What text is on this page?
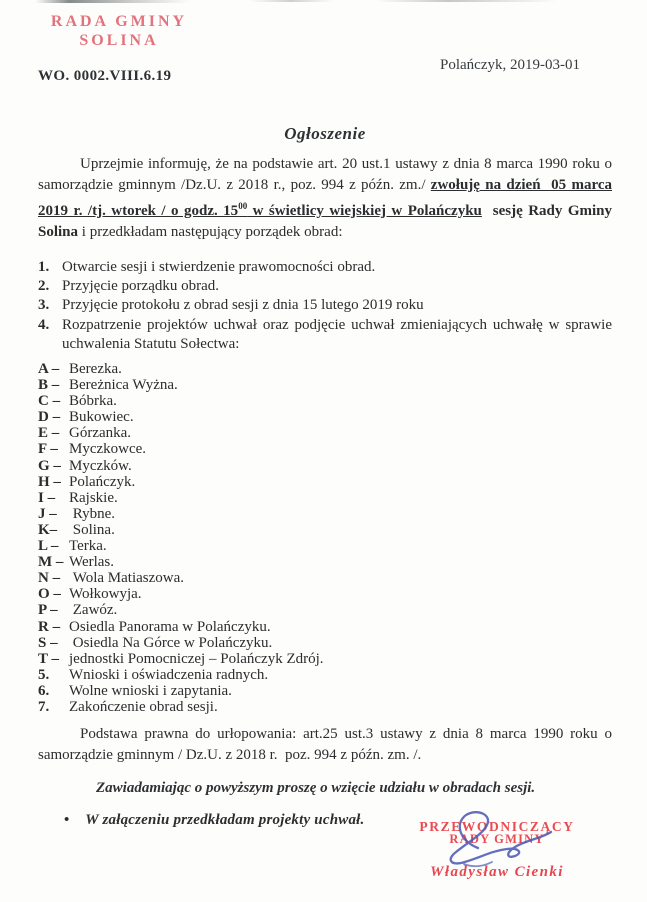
RADA GMINY
SOLINA
Polańczyk, 2019-03-01
WO. 0002.VIII.6.19
Ogłoszenie

Uprzejmie informuję, że na podstawie art. 20 ust.1 ustawy z dnia 8 marca 1990 roku o samorządzie gminnym /Dz.U. z 2018 r., poz. 994 z późn. zm./ zwołuję na dzień  05 marca 2019 r. /tj. wtorek / o godz. $15^{00}$ w świetlicy wiejskiej w Polańczyku  sesję Rady Gminy Solina i przedkładam następujący porządek obrad:

1. Otwarcie sesji i stwierdzenie prawomocności obrad.
2. Przyjęcie porządku obrad.
3. Przyjęcie protokołu z obrad sesji z dnia 15 lutego 2019 roku
4. Rozpatrzenie projektów uchwał oraz podjęcie uchwał zmieniających uchwałę w sprawie uchwalenia Statutu Sołectwa:
A – Berezka.
B – Bereżnica Wyżna.
C – Bóbrka.
D – Bukowiec.
E – Górzanka.
F – Myczkowce.
G – Myczków.
H – Polańczyk.
I – Rajskie.
J – Rybne.
K– Solina.
L – Terka.
M – Werlas.
N – Wola Matiaszowa.
O – Wołkowyja.
P – Zawóz.
R – Osiedla Panorama w Polańczyku.
S – Osiedla Na Górce w Polańczyku.
T – jednostki Pomocniczej – Polańczyk Zdrój.
5.	Wnioski i oświadczenia radnych.
6.	Wolne wnioski i zapytania.
7.	Zakończenie obrad sesji.

Podstawa prawna do urłopowania: art.25 ust.3 ustawy z dnia 8 marca 1990 roku o samorządzie gminnym / Dz.U. z 2018 r.  poz. 994 z późn. zm. /.

Zawiadamiając o powyższym proszę o wzięcie udziału w obradach sesji.

• W załączeniu przedkładam projekty uchwał.	PRZEWODNICZĄCY
RADY GMINY
Władysław Cienki
